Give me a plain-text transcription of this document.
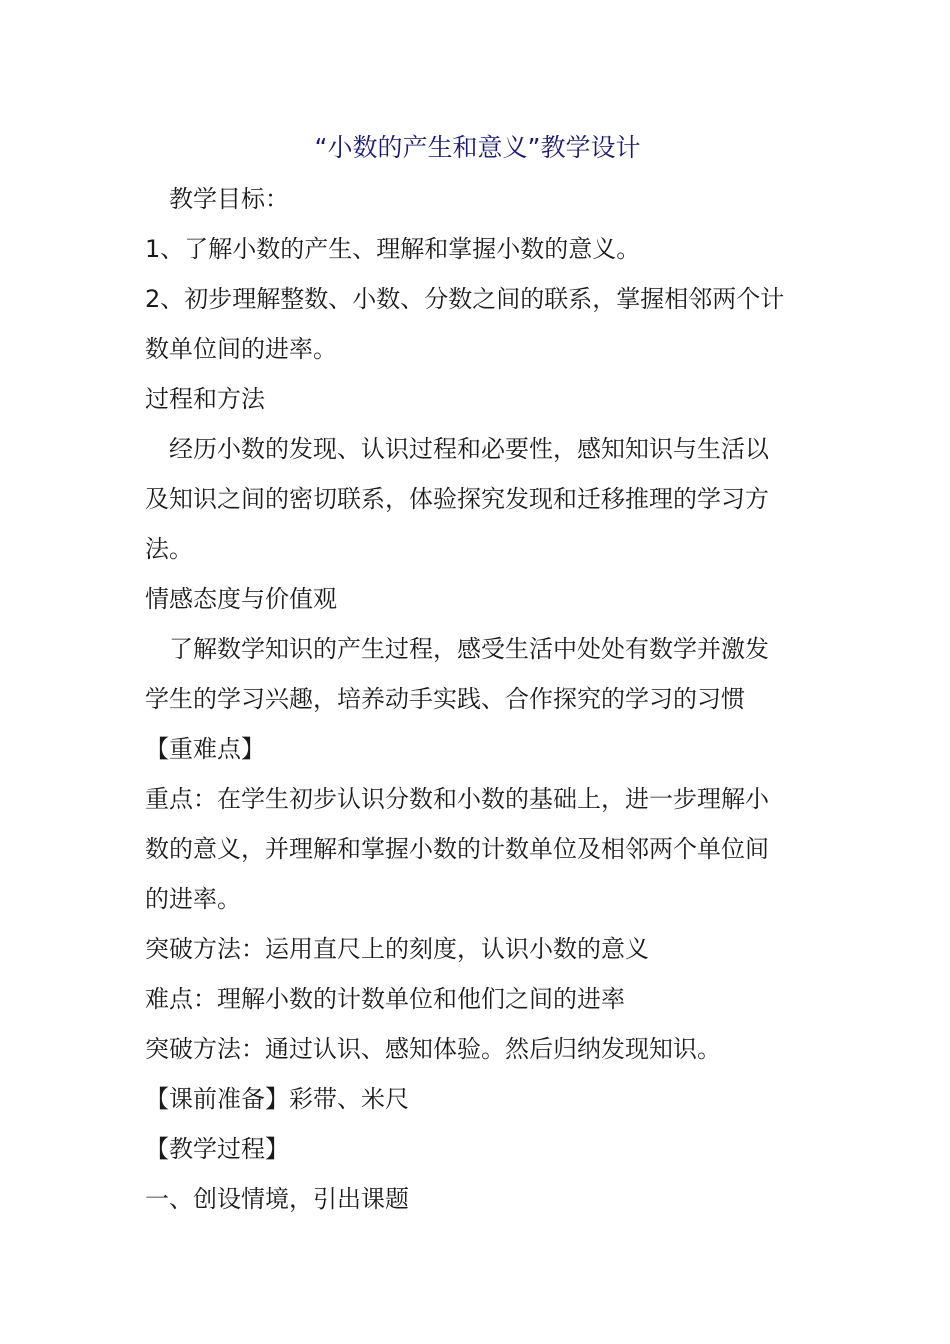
“小数的产生和意义”教学设计

教学目标：

1、了解小数的产生、理解和掌握小数的意义。

2、初步理解整数、小数、分数之间的联系，掌握相邻两个计

数单位间的进率。

过程和方法

经历小数的发现、认识过程和必要性，感知知识与生活以

及知识之间的密切联系，体验探究发现和迁移推理的学习方

法。

情感态度与价值观

了解数学知识的产生过程，感受生活中处处有数学并激发

学生的学习兴趣，培养动手实践、合作探究的学习的习惯

【重难点】

重点：在学生初步认识分数和小数的基础上，进一步理解小

数的意义，并理解和掌握小数的计数单位及相邻两个单位间

的进率。

突破方法：运用直尺上的刻度，认识小数的意义

难点：理解小数的计数单位和他们之间的进率

突破方法：通过认识、感知体验。然后归纳发现知识。

【课前准备】彩带、米尺

【教学过程】

一、创设情境，引出课题
